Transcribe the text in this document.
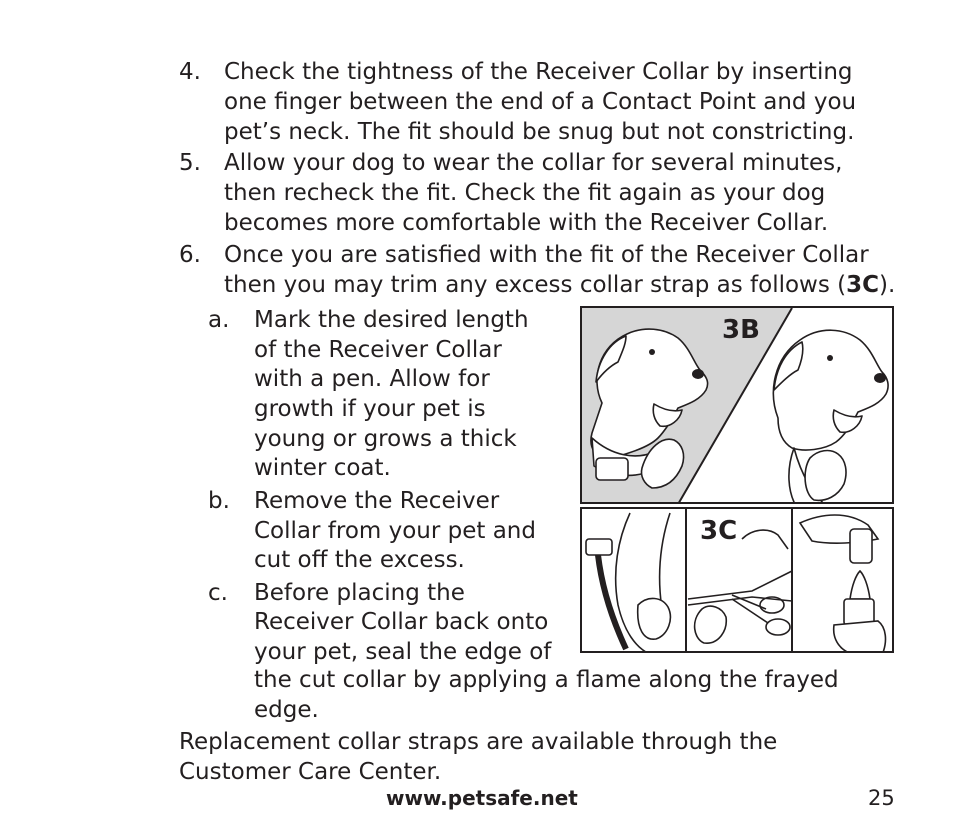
4. Check the tightness of the Receiver Collar by inserting
one finger between the end of a Contact Point and you
pet’s neck. The fit should be snug but not constricting.
5. Allow your dog to wear the collar for several minutes,
then recheck the fit. Check the fit again as your dog
becomes more comfortable with the Receiver Collar.
6. Once you are satisfied with the fit of the Receiver Collar
then you may trim any excess collar strap as follows (3C).
a. Mark the desired length
of the Receiver Collar
with a pen. Allow for
growth if your pet is
young or grows a thick
winter coat.
b. Remove the Receiver
Collar from your pet and
cut off the excess.
c. Before placing the
Receiver Collar back onto
your pet, seal the edge of
the cut collar by applying a flame along the frayed
edge.
Replacement collar straps are available through the
Customer Care Center.
3B
3C
www.petsafe.net	25
